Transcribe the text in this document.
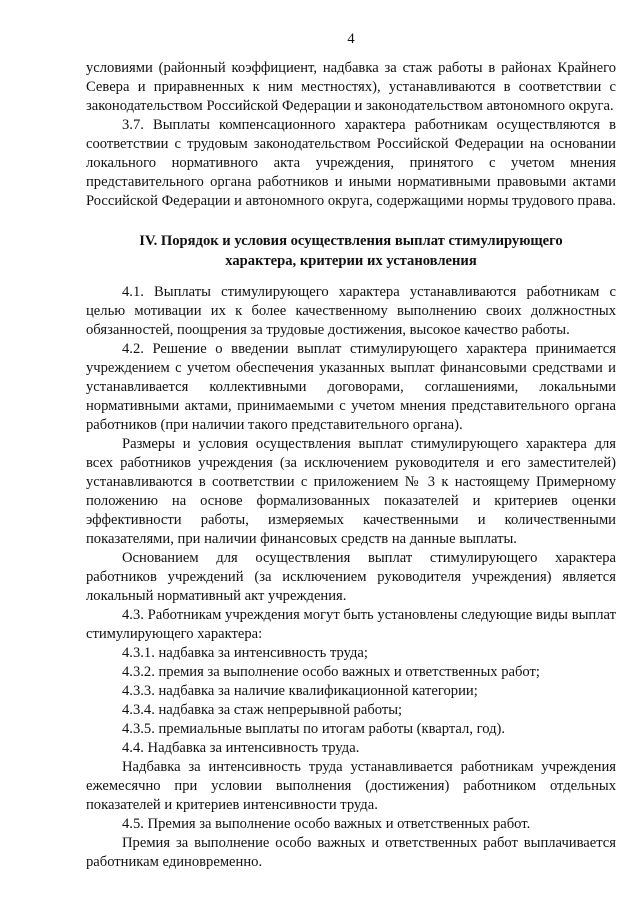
4

условиями (районный коэффициент, надбавка за стаж работы в районах Крайнего Севера и приравненных к ним местностях), устанавливаются в соответствии с законодательством Российской Федерации и законодательством автономного округа.

3.7. Выплаты компенсационного характера работникам осуществляются в соответствии с трудовым законодательством Российской Федерации на основании локального нормативного акта учреждения, принятого с учетом мнения представительного органа работников и иными нормативными правовыми актами Российской Федерации и автономного округа, содержащими нормы трудового права.

IV. Порядок и условия осуществления выплат стимулирующего
характера, критерии их установления

4.1. Выплаты стимулирующего характера устанавливаются работникам с целью мотивации их к более качественному выполнению своих должностных обязанностей, поощрения за трудовые достижения, высокое качество работы.

4.2. Решение о введении выплат стимулирующего характера принимается учреждением с учетом обеспечения указанных выплат финансовыми средствами и устанавливается коллективными договорами, соглашениями, локальными нормативными актами, принимаемыми с учетом мнения представительного органа работников (при наличии такого представительного органа).

Размеры и условия осуществления выплат стимулирующего характера для всех работников учреждения (за исключением руководителя и его заместителей) устанавливаются в соответствии с приложением № 3 к настоящему Примерному положению на основе формализованных показателей и критериев оценки эффективности работы, измеряемых качественными и количественными показателями, при наличии финансовых средств на данные выплаты.

Основанием для осуществления выплат стимулирующего характера работников учреждений (за исключением руководителя учреждения) является локальный нормативный акт учреждения.

4.3. Работникам учреждения могут быть установлены следующие виды выплат стимулирующего характера:

4.3.1. надбавка за интенсивность труда;
4.3.2. премия за выполнение особо важных и ответственных работ;
4.3.3. надбавка за наличие квалификационной категории;
4.3.4. надбавка за стаж непрерывной работы;
4.3.5. премиальные выплаты по итогам работы (квартал, год).
4.4. Надбавка за интенсивность труда.

Надбавка за интенсивность труда устанавливается работникам учреждения ежемесячно при условии выполнения (достижения) работником отдельных показателей и критериев интенсивности труда.

4.5. Премия за выполнение особо важных и ответственных работ.

Премия за выполнение особо важных и ответственных работ выплачивается работникам единовременно.
